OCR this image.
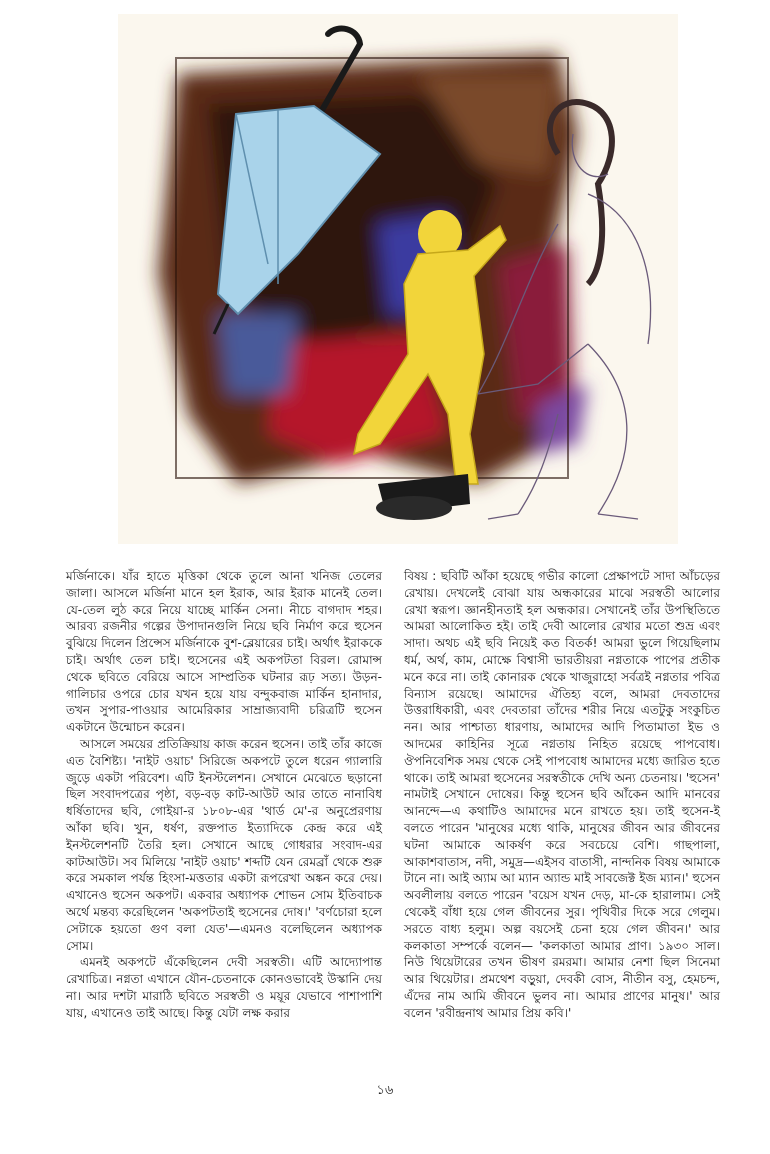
মর্জিনাকে। যাঁর হাতে মৃত্তিকা থেকে তুলে আনা খনিজ তেলের জালা। আসলে মর্জিনা মানে হল ইরাক, আর ইরাক মানেই তেল। যে-তেল লুঠ করে নিয়ে যাচ্ছে মার্কিন সেনা। নীচে বাগদাদ শহর। আরব্য রজনীর গল্পের উপাদানগুলি নিয়ে ছবি নির্মাণ করে হুসেন বুঝিয়ে দিলেন প্রিন্সেস মর্জিনাকে বুশ-ব্লেয়ারের চাই। অর্থাৎ ইরাককে চাই। অর্থাৎ তেল চাই। হুসেনের এই অকপটতা বিরল। রোমান্স থেকে ছবিতে বেরিয়ে আসে সাম্প্রতিক ঘটনার রূঢ় সত্য। উড়ন-গালিচার ওপরে চোর যখন হয়ে যায় বন্দুকবাজ মার্কিন হানাদার, তখন সুপার-পাওয়ার আমেরিকার সাম্রাজ্যবাদী চরিত্রটি হুসেন একটানে উন্মোচন করেন।

আসলে সময়ের প্রতিক্রিয়ায় কাজ করেন হুসেন। তাই তাঁর কাজে এত বৈশিষ্ট্য। 'নাইট ওয়াচ' সিরিজে অকপটে তুলে ধরেন গ্যালারি জুড়ে একটা পরিবেশ। এটি ইনস্টলেশন। সেখানে মেঝেতে ছড়ানো ছিল সংবাদপত্রের পৃষ্ঠা, বড়-বড় কাট-আউট আর তাতে নানাবিধ ধর্ষিতাদের ছবি, গোইয়া-র ১৮০৮-এর 'থার্ড মে'-র অনুপ্রেরণায় আঁকা ছবি। খুন, ধর্ষণ, রক্তপাত ইত্যাদিকে কেন্দ্র করে এই ইনস্টলেশনটি তৈরি হল। সেখানে আছে গোধরার সংবাদ-এর কাটআউট। সব মিলিয়ে 'নাইট ওয়াচ' শব্দটি যেন রেমব্রাঁ থেকে শুরু করে সমকাল পর্যন্ত হিংসা-মত্ততার একটা রূপরেখা অঙ্কন করে দেয়। এখানেও হুসেন অকপট। একবার অধ্যাপক শোভন সোম ইতিবাচক অর্থে মন্তব্য করেছিলেন 'অকপটতাই হুসেনের দোষ।' 'বর্ণচোরা হলে সেটাকে হয়তো গুণ বলা যেত'—এমনও বলেছিলেন অধ্যাপক সোম।

এমনই অকপটে এঁকেছিলেন দেবী সরস্বতী। এটি আদ্যোপান্ত রেখাচিত্র। নগ্নতা এখানে যৌন-চেতনাকে কোনওভাবেই উস্কানি দেয় না। আর দশটা মারাঠি ছবিতে সরস্বতী ও ময়ূর যেভাবে পাশাপাশি যায়, এখানেও তাই আছে। কিন্তু যেটা লক্ষ করার

বিষয় : ছবিটি আঁকা হয়েছে গভীর কালো প্রেক্ষাপটে সাদা আঁচড়ের রেখায়। দেখলেই বোঝা যায় অন্ধকারের মাঝে সরস্বতী আলোর রেখা স্বরূপ। জ্ঞানহীনতাই হল অন্ধকার। সেখানেই তাঁর উপস্থিতিতে আমরা আলোকিত হই। তাই দেবী আলোর রেখার মতো শুভ্র এবং সাদা। অথচ এই ছবি নিয়েই কত বিতর্ক! আমরা ভুলে গিয়েছিলাম ধর্ম, অর্থ, কাম, মোক্ষে বিশ্বাসী ভারতীয়রা নগ্নতাকে পাপের প্রতীক মনে করে না। তাই কোনারক থেকে খাজুরাহো সর্বত্রই নগ্নতার পবিত্র বিন্যাস রয়েছে। আমাদের ঐতিহ্য বলে, আমরা দেবতাদের উত্তরাধিকারী, এবং দেবতারা তাঁদের শরীর নিয়ে এতটুকু সংকুচিত নন। আর পাশ্চাত্য ধারণায়, আমাদের আদি পিতামাতা ইভ ও আদমের কাহিনির সূত্রে নগ্নতায় নিহিত রয়েছে পাপবোধ। ঔপনিবেশিক সময় থেকে সেই পাপবোধ আমাদের মধ্যে জারিত হতে থাকে। তাই আমরা হুসেনের সরস্বতীকে দেখি অন্য চেতনায়। 'হুসেন' নামটাই সেখানে দোষের। কিন্তু হুসেন ছবি আঁকেন আদি মানবের আনন্দে—এ কথাটিও আমাদের মনে রাখতে হয়। তাই হুসেন-ই বলতে পারেন 'মানুষের মধ্যে থাকি, মানুষের জীবন আর জীবনের ঘটনা আমাকে আকর্ষণ করে সবচেয়ে বেশি। গাছপালা, আকাশবাতাস, নদী, সমুদ্র—এইসব বাতাসী, নান্দনিক বিষয় আমাকে টানে না। আই অ্যাম আ ম্যান অ্যান্ড মাই সাবজেক্ট ইজ ম্যান।' হুসেন অবলীলায় বলতে পারেন 'বয়েস যখন দেড়, মা-কে হারালাম। সেই থেকেই বাঁধা হয়ে গেল জীবনের সুর। পৃথিবীর দিকে সরে গেলুম। সরতে বাধ্য হলুম। অল্প বয়সেই চেনা হয়ে গেল জীবন।' আর কলকাতা সম্পর্কে বলেন— 'কলকাতা আমার প্রাণ। ১৯৩০ সাল। নিউ থিয়েটারের তখন ভীষণ রমরমা। আমার নেশা ছিল সিনেমা আর থিয়েটার। প্রমথেশ বড়ুয়া, দেবকী বোস, নীতীন বসু, হেমচন্দ, এঁদের নাম আমি জীবনে ভুলব না। আমার প্রাণের মানুষ।' আর বলেন 'রবীন্দ্রনাথ আমার প্রিয় কবি।'

১৬
